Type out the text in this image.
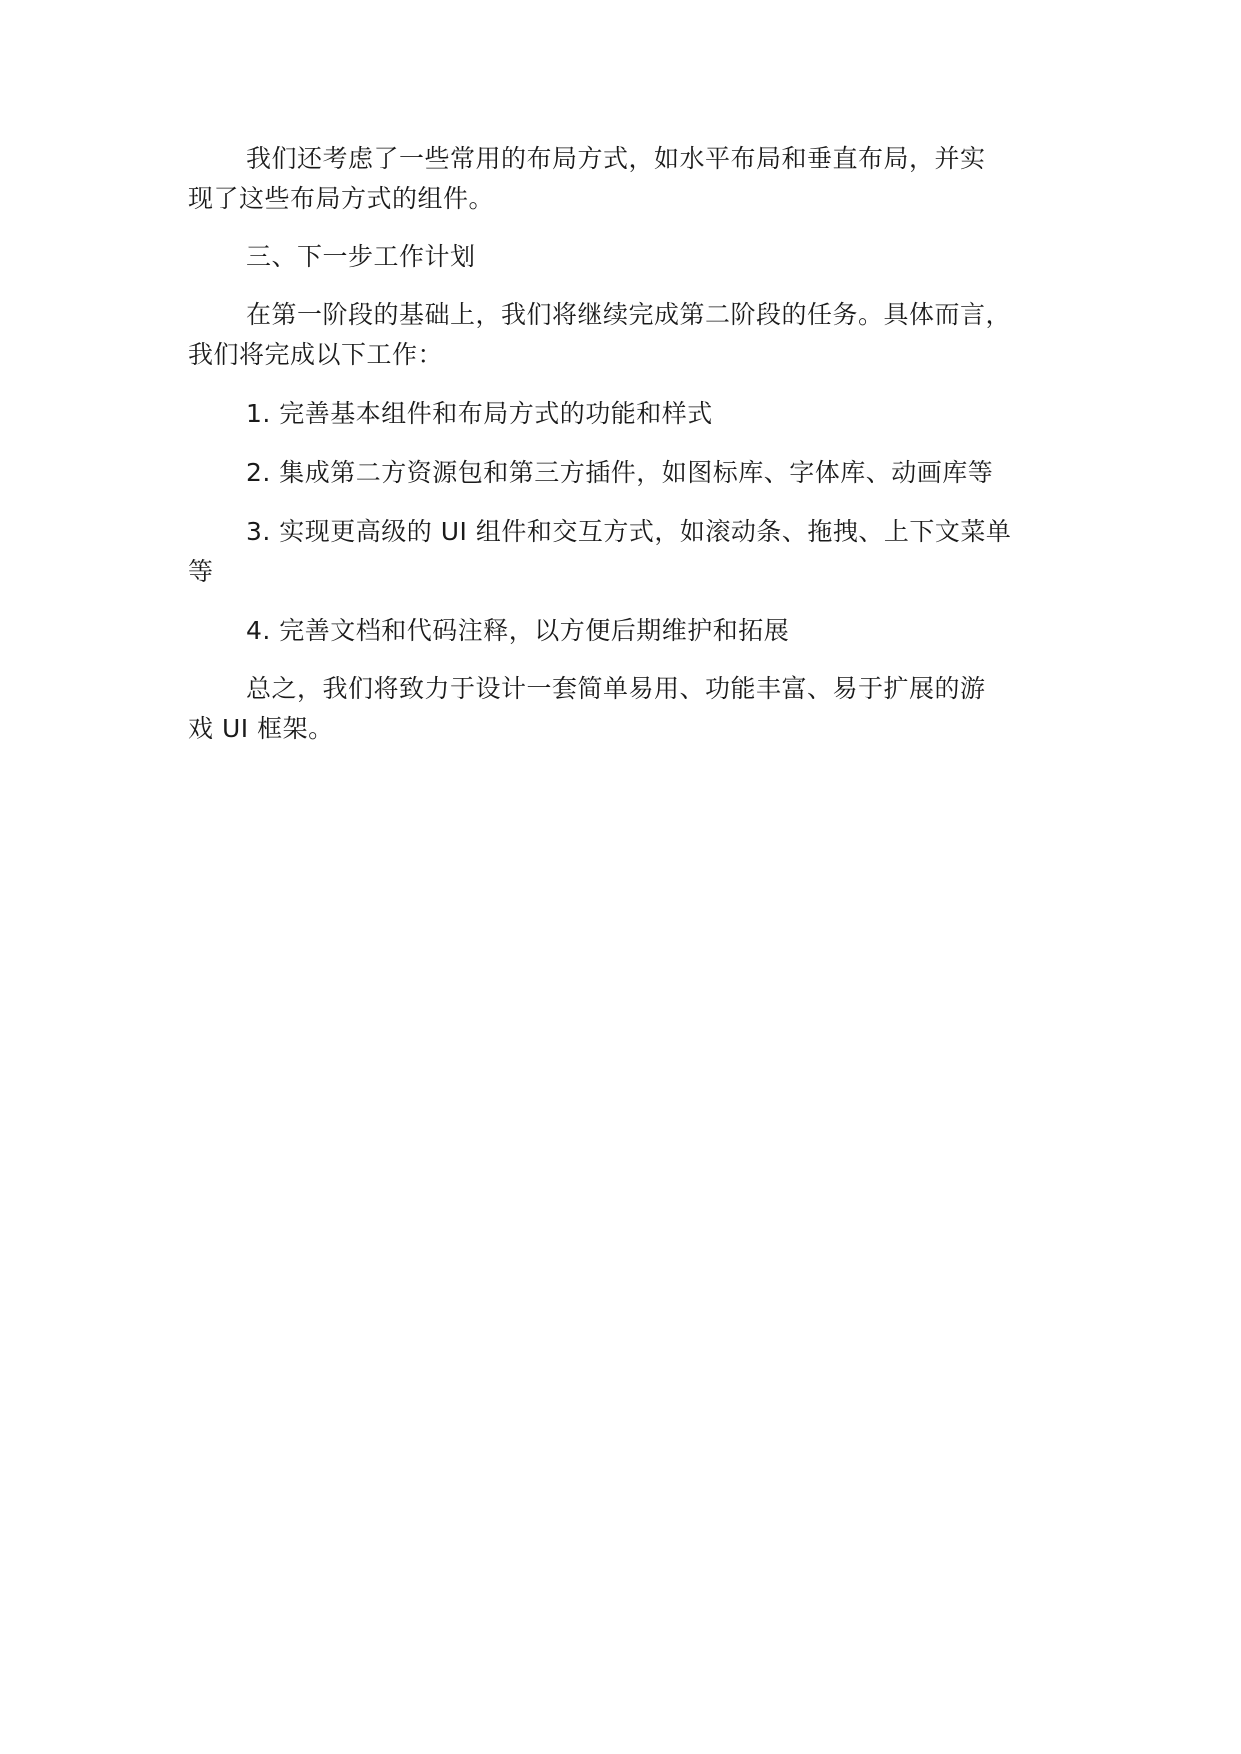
我们还考虑了一些常用的布局方式，如水平布局和垂直布局，并实
现了这些布局方式的组件。
三、下一步工作计划
在第一阶段的基础上，我们将继续完成第二阶段的任务。具体而言，
我们将完成以下工作：
1. 完善基本组件和布局方式的功能和样式
2. 集成第二方资源包和第三方插件，如图标库、字体库、动画库等
3. 实现更高级的 UI 组件和交互方式，如滚动条、拖拽、上下文菜单
等
4. 完善文档和代码注释，以方便后期维护和拓展
总之，我们将致力于设计一套简单易用、功能丰富、易于扩展的游
戏 UI 框架。
